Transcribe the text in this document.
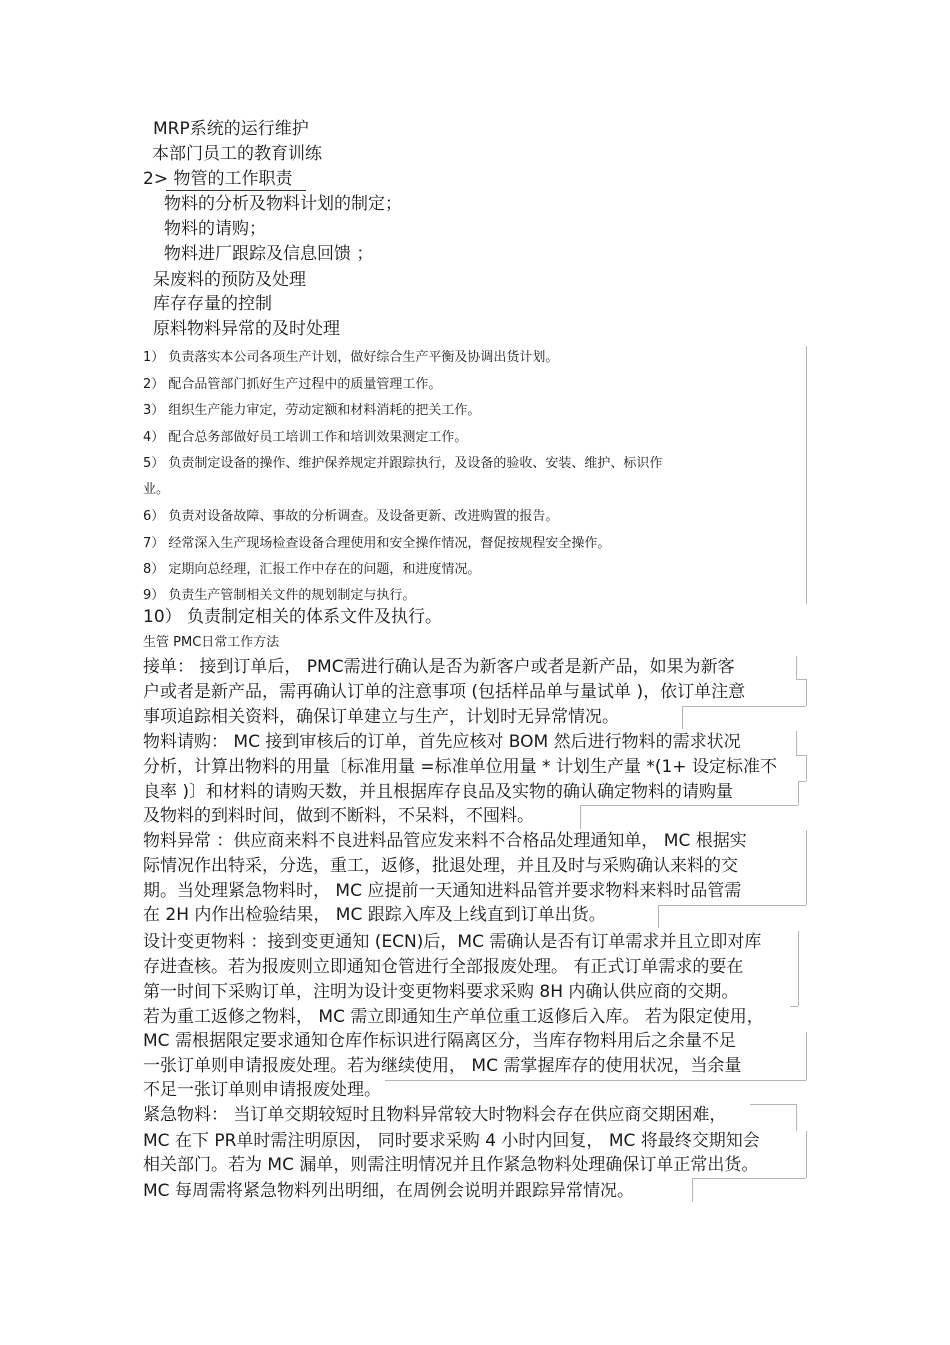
MRP系统的运行维护
本部门员工的教育训练
2> 物管的工作职责
物料的分析及物料计划的制定；
物料的请购；
物料进厂跟踪及信息回馈 ；
呆废料的预防及处理
库存存量的控制
原料物料异常的及时处理
1） 负责落实本公司各项生产计划，做好综合生产平衡及协调出货计划。
2） 配合品管部门抓好生产过程中的质量管理工作。
3） 组织生产能力审定，劳动定额和材料消耗的把关工作。
4） 配合总务部做好员工培训工作和培训效果测定工作。
5） 负责制定设备的操作、维护保养规定并跟踪执行，及设备的验收、安装、维护、标识作
业。
6） 负责对设备故障、事故的分析调查。及设备更新、改进购置的报告。
7） 经常深入生产现场检查设备合理使用和安全操作情况，督促按规程安全操作。
8） 定期向总经理，汇报工作中存在的问题，和进度情况。
9） 负责生产管制相关文件的规划制定与执行。
10） 负责制定相关的体系文件及执行。
生管 PMC日常工作方法
接单： 接到订单后， PMC需进行确认是否为新客户或者是新产品，如果为新客
户或者是新产品，需再确认订单的注意事项 (包括样品单与量试单 )，依订单注意
事项追踪相关资料，确保订单建立与生产，计划时无异常情况。
物料请购： MC 接到审核后的订单，首先应核对 BOM 然后进行物料的需求状况
分析，计算出物料的用量〔标准用量 =标准单位用量 * 计划生产量 *(1+ 设定标准不
良率 )〕和材料的请购天数，并且根据库存良品及实物的确认确定物料的请购量
及物料的到料时间，做到不断料，不呆料，不囤料。
物料异常 ：供应商来料不良进料品管应发来料不合格品处理通知单， MC 根据实
际情况作出特采，分选，重工，返修，批退处理，并且及时与采购确认来料的交
期。当处理紧急物料时， MC 应提前一天通知进料品管并要求物料来料时品管需
在 2H 内作出检验结果， MC 跟踪入库及上线直到订单出货。
设计变更物料 ：接到变更通知 (ECN)后，MC 需确认是否有订单需求并且立即对库
存进查核。若为报废则立即通知仓管进行全部报废处理。 有正式订单需求的要在
第一时间下采购订单，注明为设计变更物料要求采购 8H 内确认供应商的交期。
若为重工返修之物料， MC 需立即通知生产单位重工返修后入库。 若为限定使用，
MC 需根据限定要求通知仓库作标识进行隔离区分，当库存物料用后之余量不足
一张订单则申请报废处理。若为继续使用， MC 需掌握库存的使用状况，当余量
不足一张订单则申请报废处理。
紧急物料： 当订单交期较短时且物料异常较大时物料会存在供应商交期困难，
MC 在下 PR单时需注明原因， 同时要求采购 4 小时内回复， MC 将最终交期知会
相关部门。若为 MC 漏单，则需注明情况并且作紧急物料处理确保订单正常出货。
MC 每周需将紧急物料列出明细，在周例会说明并跟踪异常情况。
